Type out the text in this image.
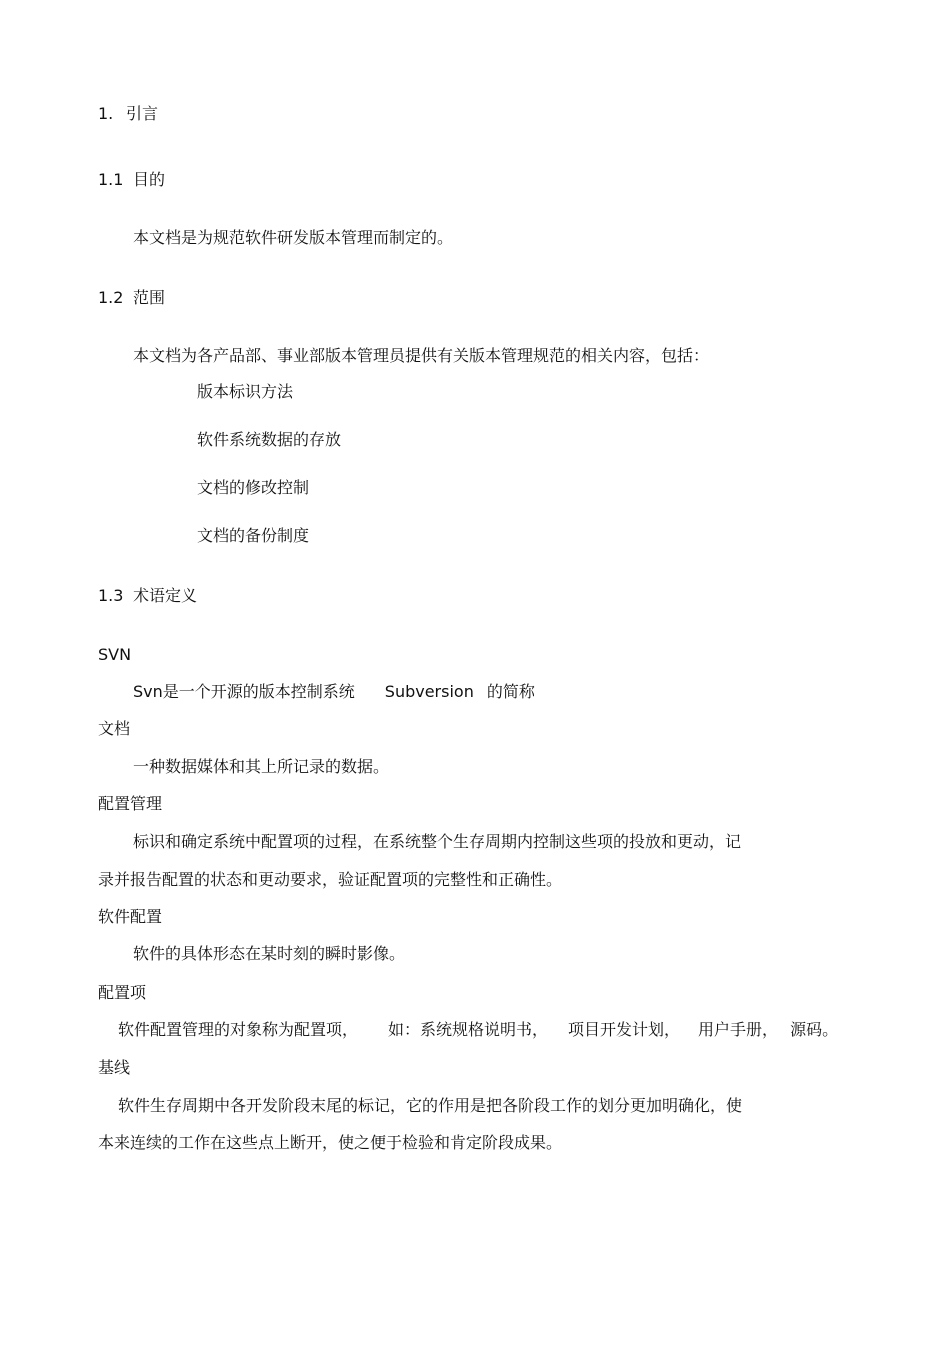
1. 引言
1.1 目的
本文档是为规范软件研发版本管理而制定的。
1.2 范围
本文档为各产品部、事业部版本管理员提供有关版本管理规范的相关内容，包括：
版本标识方法
软件系统数据的存放
文档的修改控制
文档的备份制度
1.3 术语定义
SVN
Svn是一个开源的版本控制系统 Subversion 的简称
文档
一种数据媒体和其上所记录的数据。
配置管理
标识和确定系统中配置项的过程，在系统整个生存周期内控制这些项的投放和更动，记
录并报告配置的状态和更动要求，验证配置项的完整性和正确性。
软件配置
软件的具体形态在某时刻的瞬时影像。
配置项
软件配置管理的对象称为配置项， 如：系统规格说明书， 项目开发计划， 用户手册， 源码。
基线
软件生存周期中各开发阶段末尾的标记，它的作用是把各阶段工作的划分更加明确化，使
本来连续的工作在这些点上断开，使之便于检验和肯定阶段成果。
